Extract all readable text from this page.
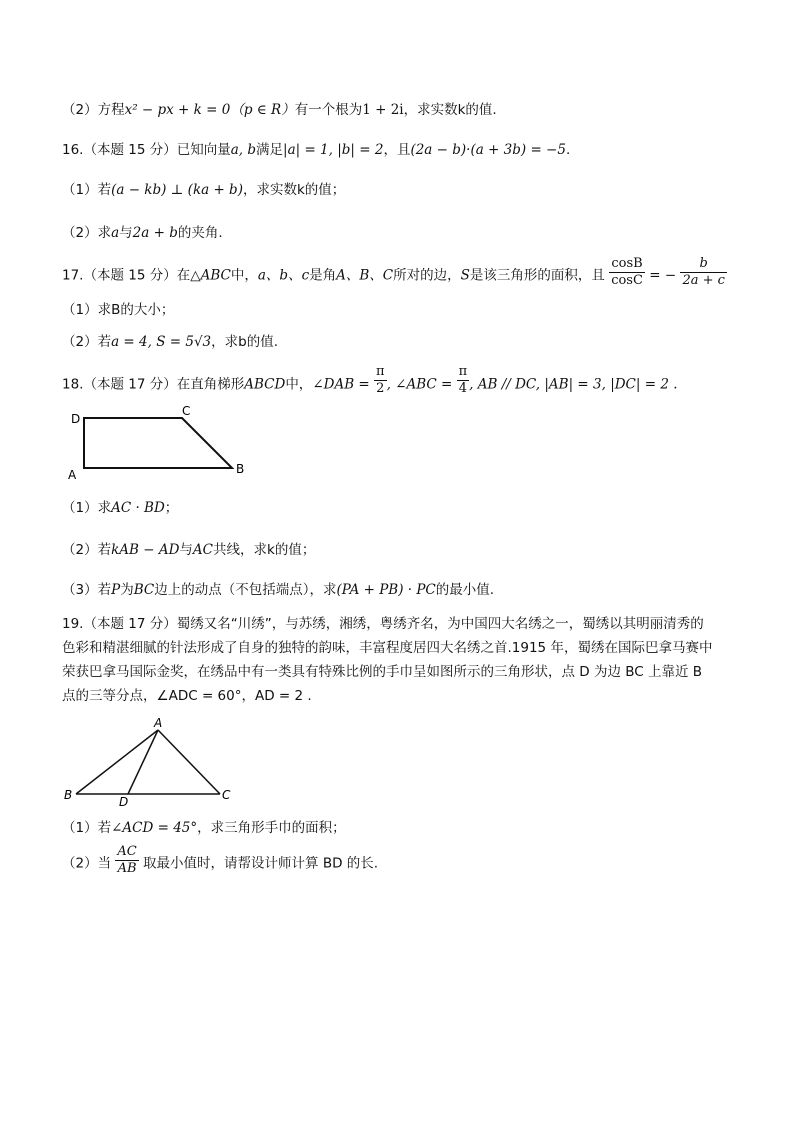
（2）方程x² − px + k = 0（p ∈ R）有一个根为1 + 2i，求实数k的值.
16.（本题 15 分）已知向量a, b满足|a| = 1, |b| = 2，且(2a − b)·(a + 3b) = −5.
（1）若(a − kb) ⊥ (ka + b)，求实数k的值；
（2）求a与2a + b的夹角.
17.（本题 15 分）在△ABC中，a、b、c是角A、B、C所对的边，S是该三角形的面积，且 $\frac{\cos B}{\cos C}$ = − $\frac{b}{2a + c}$
（1）求B的大小；
（2）若a = 4, S = 5√3，求b的值.
18.（本题 17 分）在直角梯形ABCD中，∠DAB = $\frac{\pi}{2}$ , ∠ABC = $\frac{\pi}{4}$ , AB // DC, |AB| = 3, |DC| = 2 .
D
C
A	B
（1）求AC · BD；
（2）若kAB − AD与AC共线，求k的值；
（3）若P为BC边上的动点（不包括端点），求(PA + PB) · PC的最小值.
19.（本题 17 分）蜀绣又名“川绣”，与苏绣，湘绣，粤绣齐名，为中国四大名绣之一，蜀绣以其明丽清秀的
色彩和精湛细腻的针法形成了自身的独特的韵味，丰富程度居四大名绣之首.1915 年，蜀绣在国际巴拿马赛中
荣获巴拿马国际金奖，在绣品中有一类具有特殊比例的手巾呈如图所示的三角形状，点 D 为边 BC 上靠近 B
点的三等分点，∠ADC = 60°，AD = 2 .
A
B	D	C
（1）若∠ACD = 45°，求三角形手巾的面积；
（2）当 $\frac{AC}{AB}$ 取最小值时，请帮设计师计算 BD 的长.
